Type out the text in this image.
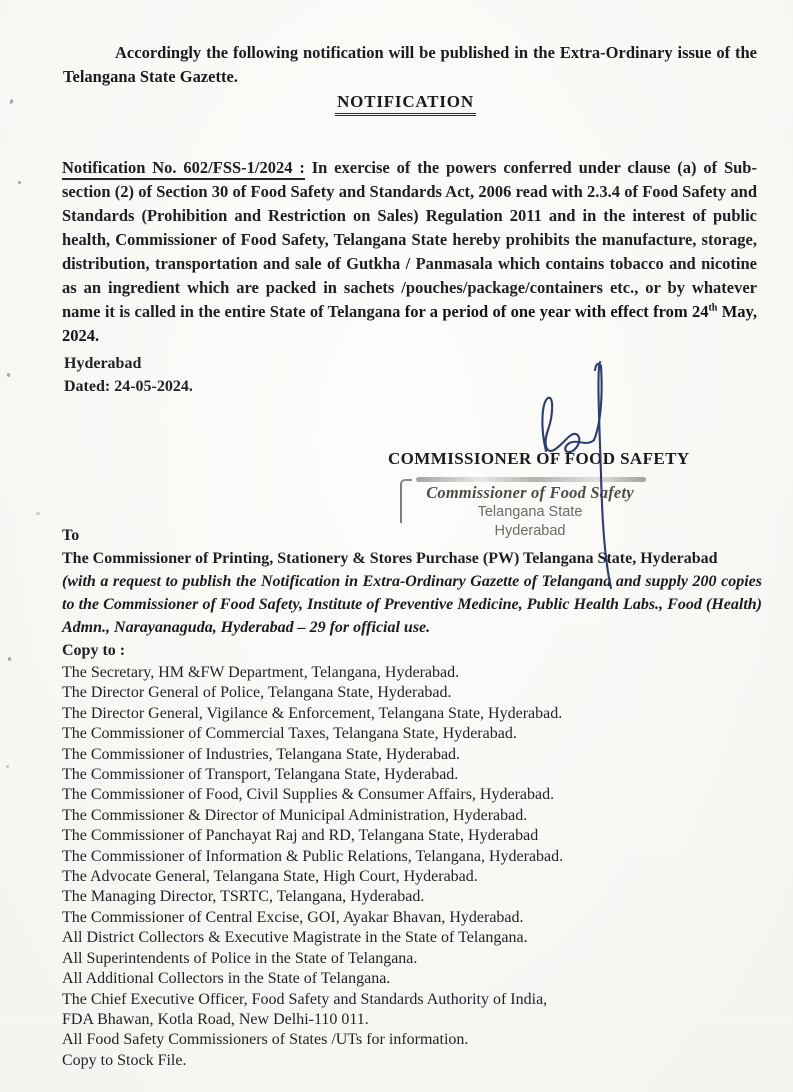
Accordingly the following notification will be published in the Extra-Ordinary issue of the Telangana State Gazette.

NOTIFICATION

Notification No. 602/FSS-1/2024 : In exercise of the powers conferred under clause (a) of Sub-section (2) of Section 30 of Food Safety and Standards Act, 2006 read with 2.3.4 of Food Safety and Standards (Prohibition and Restriction on Sales) Regulation 2011 and in the interest of public health, Commissioner of Food Safety, Telangana State hereby prohibits the manufacture, storage, distribution, transportation and sale of Gutkha / Panmasala which contains tobacco and nicotine as an ingredient which are packed in sachets /pouches/package/containers etc., or by whatever name it is called in the entire State of Telangana for a period of one year with effect from 24th May, 2024.

Hyderabad
Dated: 24-05-2024.
COMMISSIONER OF FOOD SAFETY
Commissioner of Food Safety
Telangana State
Hyderabad
To
The Commissioner of Printing, Stationery & Stores Purchase (PW) Telangana State, Hyderabad
(with a request to publish the Notification in Extra-Ordinary Gazette of Telangana and supply 200 copies to the Commissioner of Food Safety, Institute of Preventive Medicine, Public Health Labs., Food (Health) Admn., Narayanaguda, Hyderabad – 29 for official use.
Copy to :
The Secretary, HM &FW Department, Telangana, Hyderabad.
The Director General of Police, Telangana State, Hyderabad.
The Director General, Vigilance & Enforcement, Telangana State, Hyderabad.
The Commissioner of Commercial Taxes, Telangana State, Hyderabad.
The Commissioner of Industries, Telangana State, Hyderabad.
The Commissioner of Transport, Telangana State, Hyderabad.
The Commissioner of Food, Civil Supplies & Consumer Affairs, Hyderabad.
The Commissioner & Director of Municipal Administration, Hyderabad.
The Commissioner of Panchayat Raj and RD, Telangana State, Hyderabad
The Commissioner of Information & Public Relations, Telangana, Hyderabad.
The Advocate General, Telangana State, High Court, Hyderabad.
The Managing Director, TSRTC, Telangana, Hyderabad.
The Commissioner of Central Excise, GOI, Ayakar Bhavan, Hyderabad.
All District Collectors & Executive Magistrate in the State of Telangana.
All Superintendents of Police in the State of Telangana.
All Additional Collectors in the State of Telangana.
The Chief Executive Officer, Food Safety and Standards Authority of India,
FDA Bhawan, Kotla Road, New Delhi-110 011.
All Food Safety Commissioners of States /UTs for information.
Copy to Stock File.
